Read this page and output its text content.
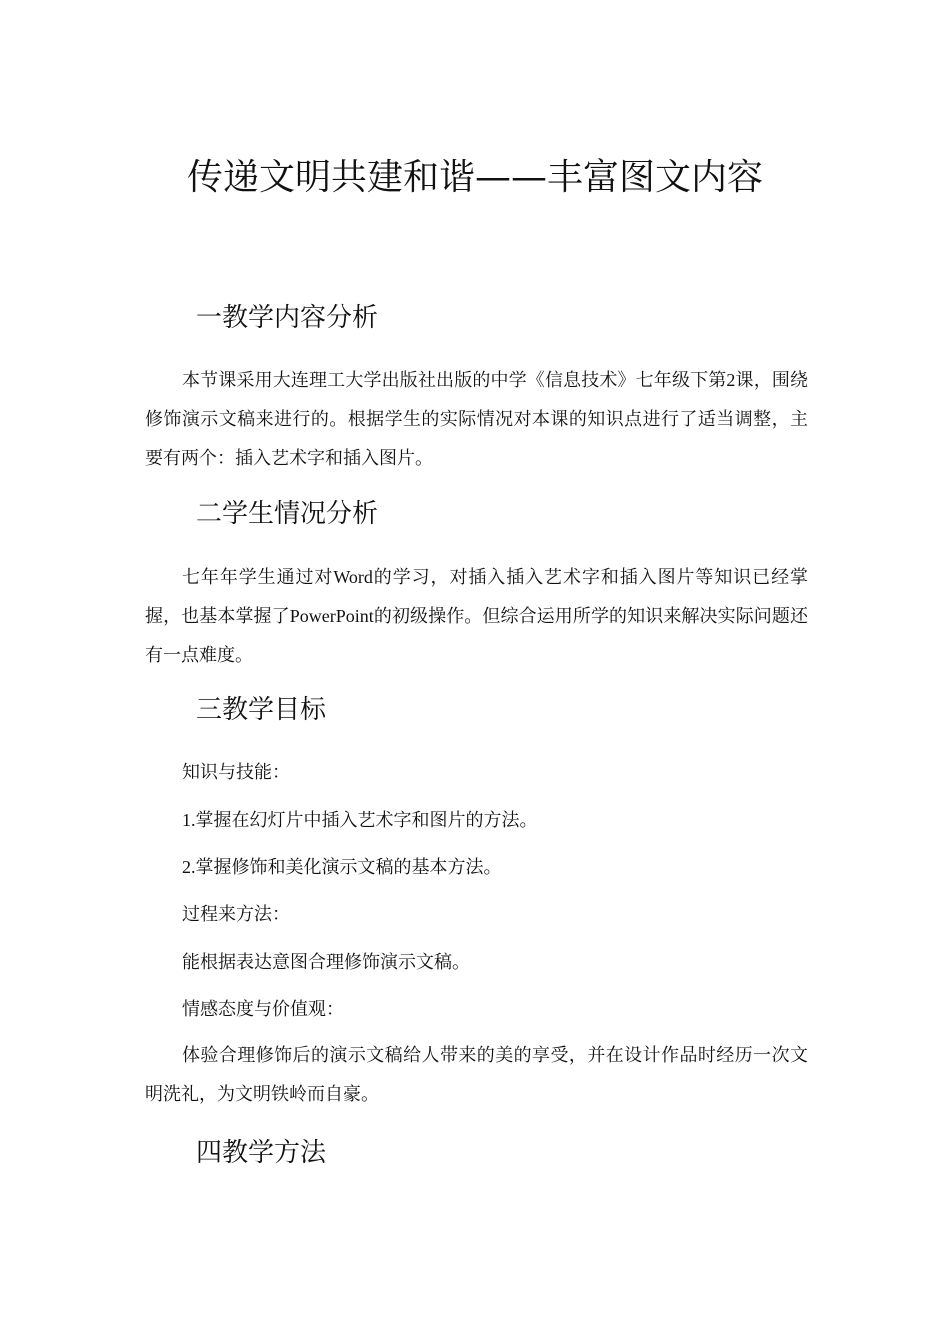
传递文明共建和谐——丰富图文内容
一教学内容分析

本节课采用大连理工大学出版社出版的中学《信息技术》七年级下第2课，围绕修饰演示文稿来进行的。根据学生的实际情况对本课的知识点进行了适当调整，主要有两个：插入艺术字和插入图片。

二学生情况分析

七年年学生通过对Word的学习，对插入插入艺术字和插入图片等知识已经掌握，也基本掌握了PowerPoint的初级操作。但综合运用所学的知识来解决实际问题还有一点难度。

三教学目标

知识与技能：

1.掌握在幻灯片中插入艺术字和图片的方法。

2.掌握修饰和美化演示文稿的基本方法。

过程来方法：

能根据表达意图合理修饰演示文稿。

情感态度与价值观：

体验合理修饰后的演示文稿给人带来的美的享受，并在设计作品时经历一次文明洗礼，为文明铁岭而自豪。

四教学方法
